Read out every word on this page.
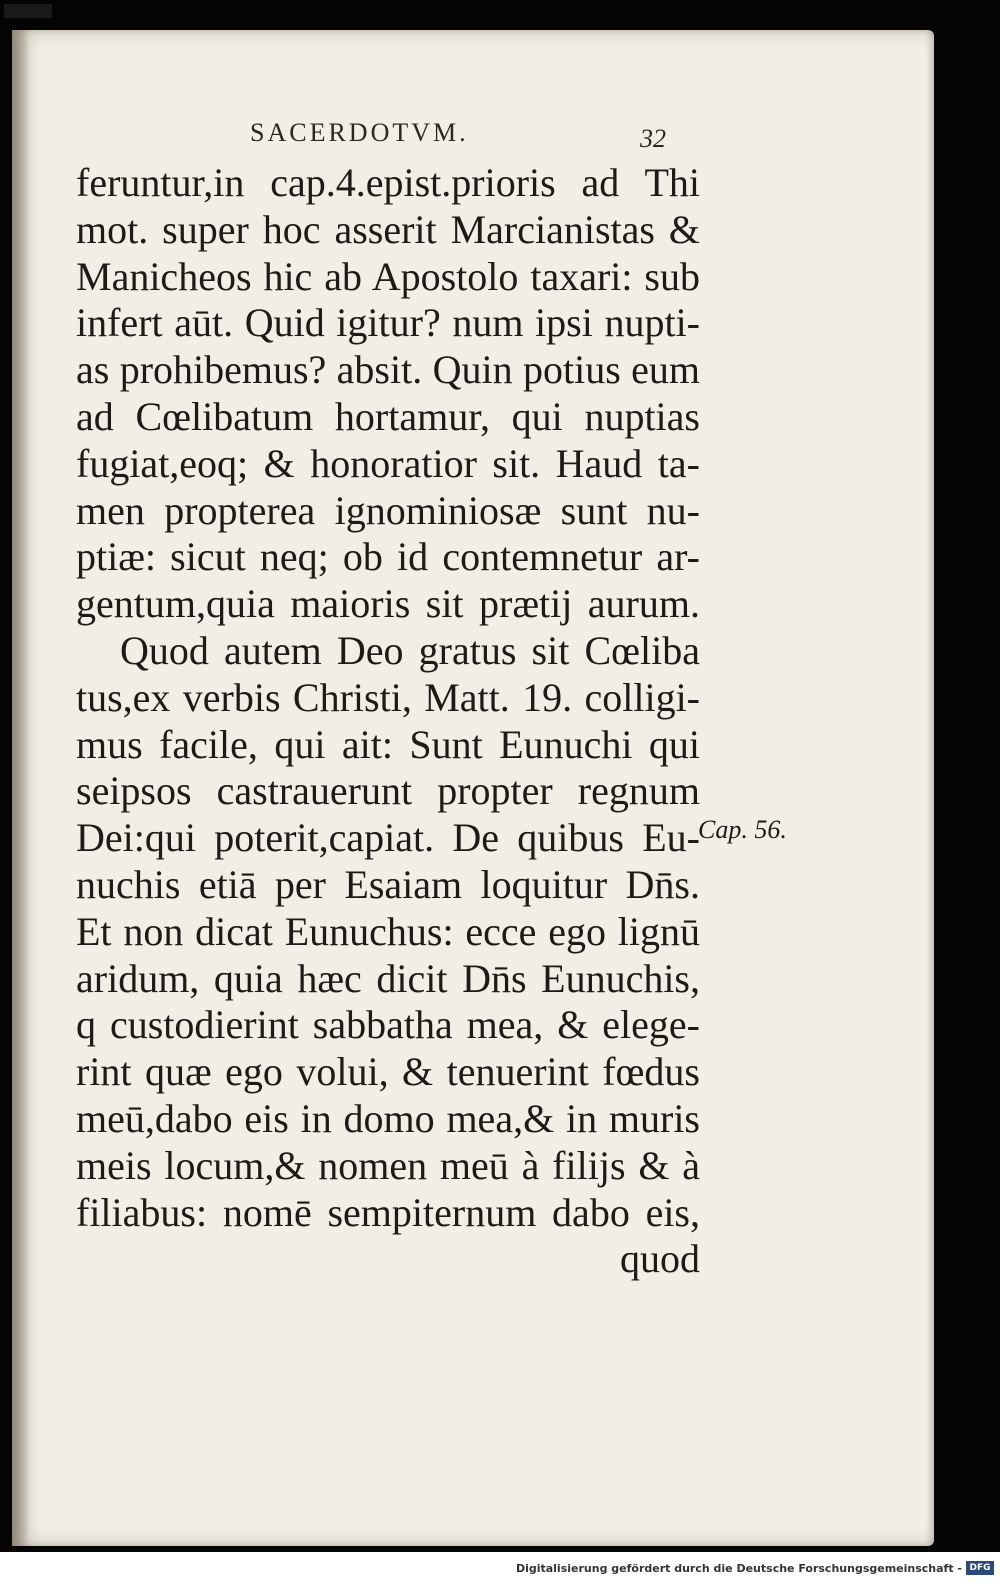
SACERDOTVM.	32
feruntur,in cap.4.epist.prioris ad Thi
mot. super hoc asserit Marcianistas &
Manicheos hic ab Apostolo taxari: sub
infert aūt. Quid igitur? num ipsi nupti-
as prohibemus? absit. Quin potius eum
ad Cœlibatum hortamur, qui nuptias
fugiat,eoq; & honoratior sit. Haud ta-
men propterea ignominiosæ sunt nu-
ptiæ: sicut neq; ob id contemnetur ar-
gentum,quia maioris sit prætij aurum.
Quod autem Deo gratus sit Cœliba
tus,ex verbis Christi, Matt. 19. colligi-
mus facile, qui ait: Sunt Eunuchi qui
seipsos castrauerunt propter regnum
Dei:qui poterit,capiat. De quibus Eu-
nuchis etiā per Esaiam loquitur Dn̄s.
Et non dicat Eunuchus: ecce ego lignū
aridum, quia hæc dicit Dn̄s Eunuchis,
q custodierint sabbatha mea, & elege-
rint quæ ego volui, & tenuerint fœdus
meū,dabo eis in domo mea,& in muris
meis locum,& nomen meū à filijs & à
filiabus: nomē sempiternum dabo eis,
quod
Cap. 56.
Digitalisierung gefördert durch die Deutsche Forschungsgemeinschaft - DFG
